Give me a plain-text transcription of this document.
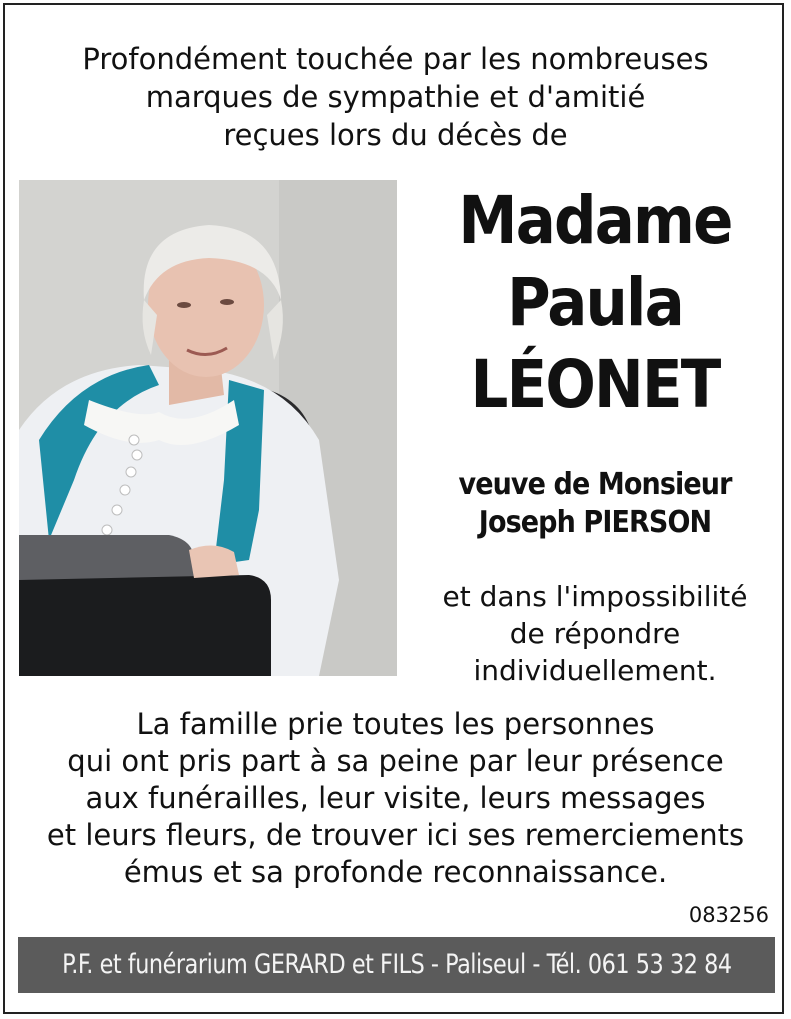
Profondément touchée par les nombreuses
marques de sympathie et d'amitié
reçues lors du décès de
Madame
Paula
LÉONET
veuve de Monsieur
Joseph PIERSON
et dans l'impossibilité
de répondre
individuellement.
La famille prie toutes les personnes
qui ont pris part à sa peine par leur présence
aux funérailles, leur visite, leurs messages
et leurs fleurs, de trouver ici ses remerciements
émus et sa profonde reconnaissance.
083256
P.F. et funérarium GERARD et FILS - Paliseul - Tél. 061 53 32 84
